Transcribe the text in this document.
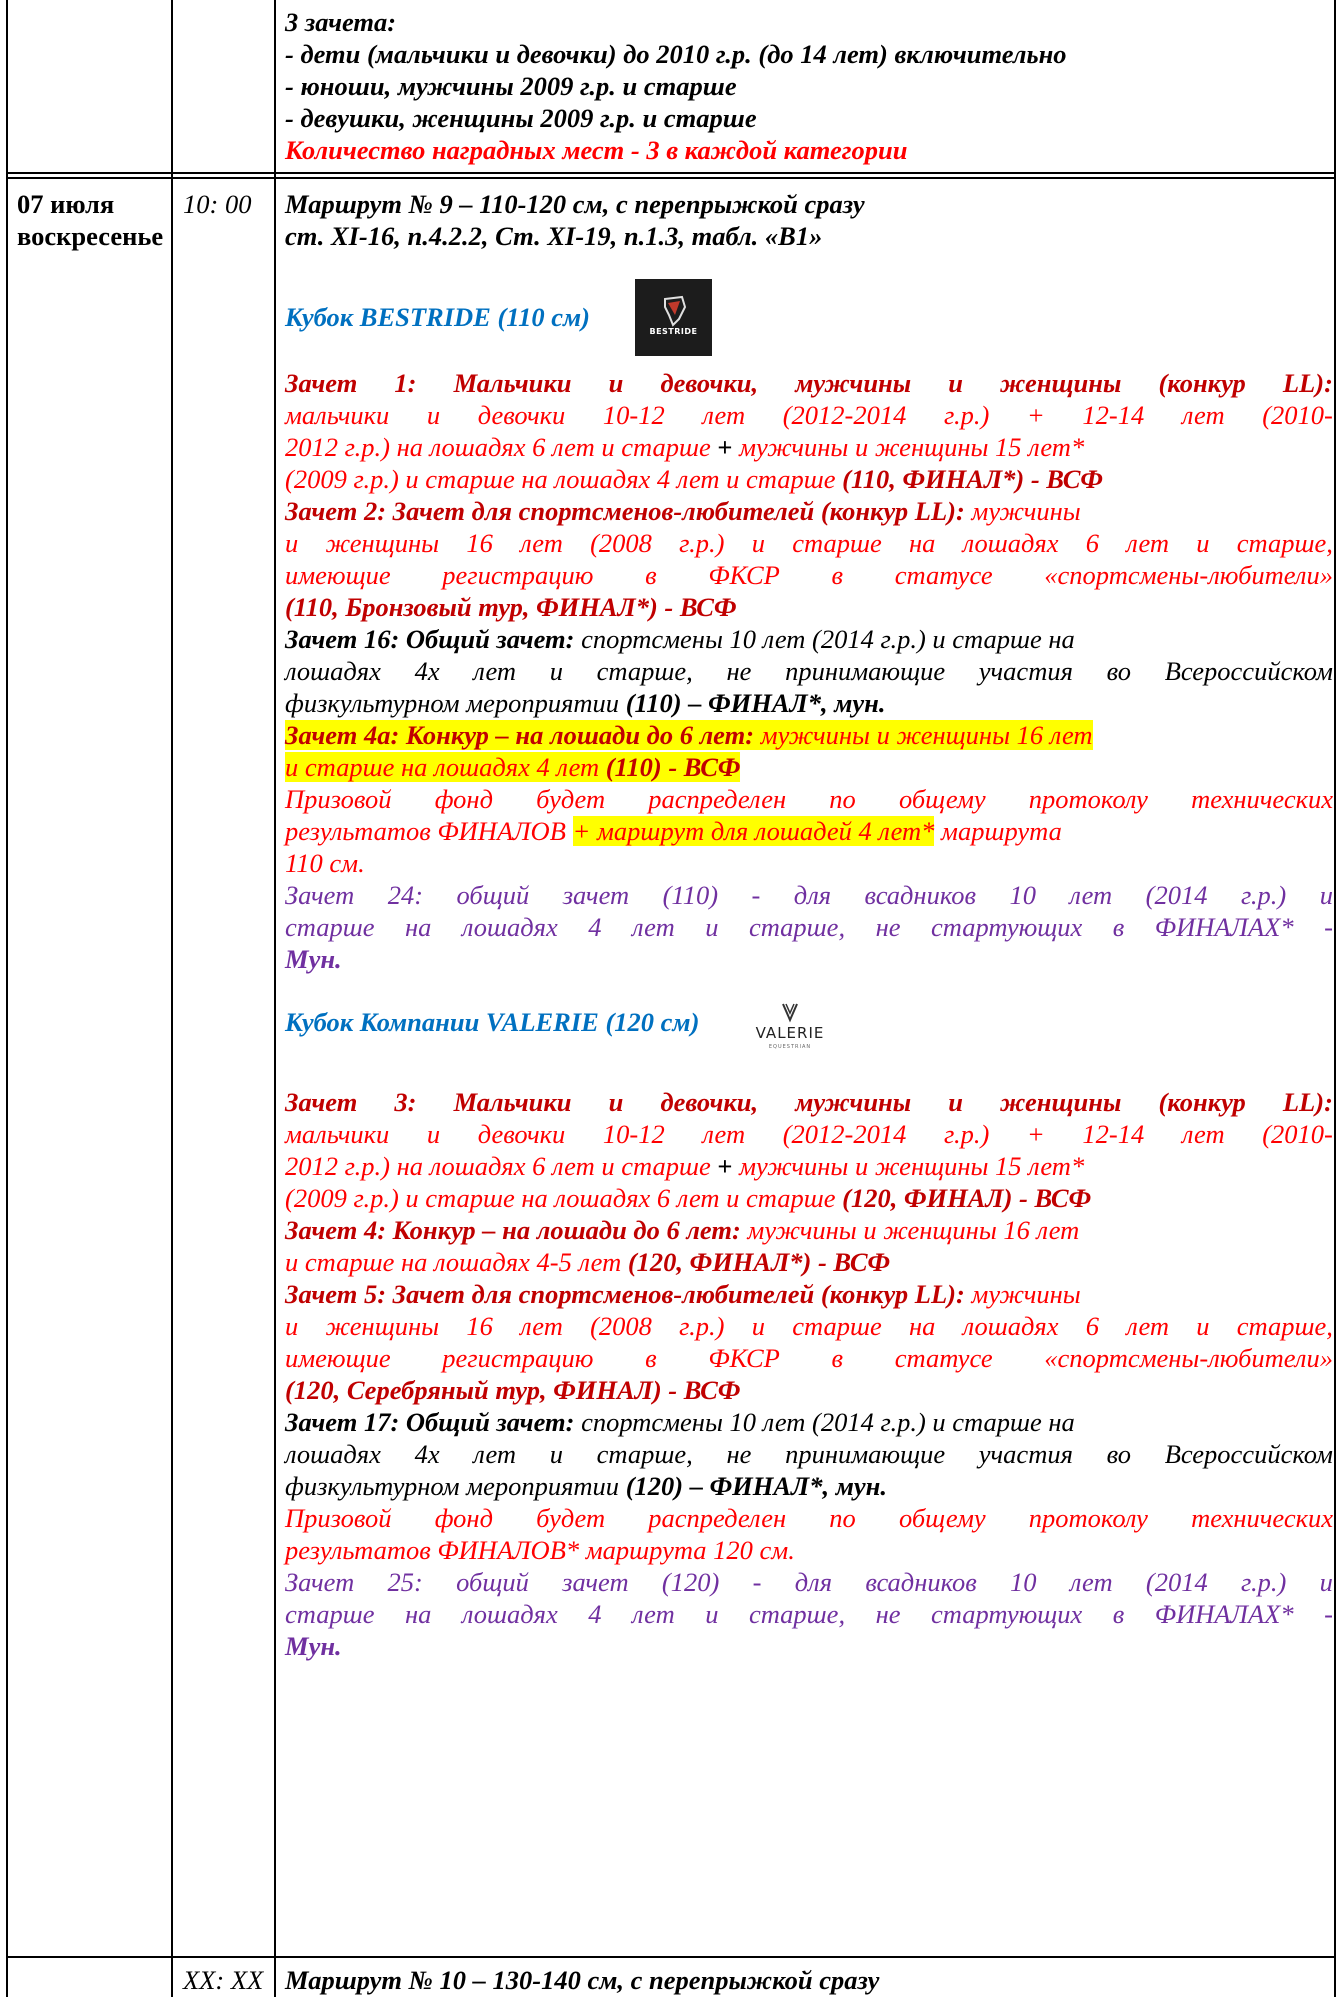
3 зачета:
- дети (мальчики и девочки) до 2010 г.р. (до 14 лет) включительно
- юноши, мужчины 2009 г.р. и старше
- девушки, женщины 2009 г.р. и старше
Количество наградных мест - 3 в каждой категории
07 июля
воскресенье
10: 00 Маршрут № 9 – 110-120 см, с перепрыжкой сразу
ст. XI-16, п.4.2.2, Ст. XI-19, п.1.3, табл. «В1»
Кубок BESTRIDE (110 см)	BESTRIDE
Зачет 1: Мальчики и девочки, мужчины и женщины (конкур LL):
мальчики и девочки 10-12 лет (2012-2014 г.р.) + 12-14 лет (2010-
2012 г.р.) на лошадях 6 лет и старше + мужчины и женщины 15 лет*
(2009 г.р.) и старше на лошадях 4 лет и старше (110, ФИНАЛ*) - ВСФ
Зачет 2: Зачет для спортсменов-любителей (конкур LL): мужчины
и женщины 16 лет (2008 г.р.) и старше на лошадях 6 лет и старше,
имеющие регистрацию в ФКСР в статусе «спортсмены-любители»
(110, Бронзовый тур, ФИНАЛ*) - ВСФ
Зачет 16: Общий зачет: спортсмены 10 лет (2014 г.р.) и старше на
лошадях 4х лет и старше, не принимающие участия во Всероссийском
физкультурном мероприятии (110) – ФИНАЛ*, мун.
Зачет 4а: Конкур – на лошади до 6 лет: мужчины и женщины 16 лет
и старше на лошадях 4 лет (110) - ВСФ
Призовой фонд будет распределен по общему протоколу технических
результатов ФИНАЛОВ + маршрут для лошадей 4 лет* маршрута
110 см.
Зачет 24: общий зачет (110) - для всадников 10 лет (2014 г.р.) и
старше на лошадях 4 лет и старше, не стартующих в ФИНАЛАХ* -
Мун.
Кубок Компании VALERIE (120 см)	VALERIE
EQUESTRIAN
Зачет 3: Мальчики и девочки, мужчины и женщины (конкур LL):
мальчики и девочки 10-12 лет (2012-2014 г.р.) + 12-14 лет (2010-
2012 г.р.) на лошадях 6 лет и старше + мужчины и женщины 15 лет*
(2009 г.р.) и старше на лошадях 6 лет и старше (120, ФИНАЛ) - ВСФ
Зачет 4: Конкур – на лошади до 6 лет: мужчины и женщины 16 лет
и старше на лошадях 4-5 лет (120, ФИНАЛ*) - ВСФ
Зачет 5: Зачет для спортсменов-любителей (конкур LL): мужчины
и женщины 16 лет (2008 г.р.) и старше на лошадях 6 лет и старше,
имеющие регистрацию в ФКСР в статусе «спортсмены-любители»
(120, Серебряный тур, ФИНАЛ) - ВСФ
Зачет 17: Общий зачет: спортсмены 10 лет (2014 г.р.) и старше на
лошадях 4х лет и старше, не принимающие участия во Всероссийском
физкультурном мероприятии (120) – ФИНАЛ*, мун.
Призовой фонд будет распределен по общему протоколу технических
результатов ФИНАЛОВ* маршрута 120 см.
Зачет 25: общий зачет (120) - для всадников 10 лет (2014 г.р.) и
старше на лошадях 4 лет и старше, не стартующих в ФИНАЛАХ* -
Мун.
XX: XX Маршрут № 10 – 130-140 см, с перепрыжкой сразу
